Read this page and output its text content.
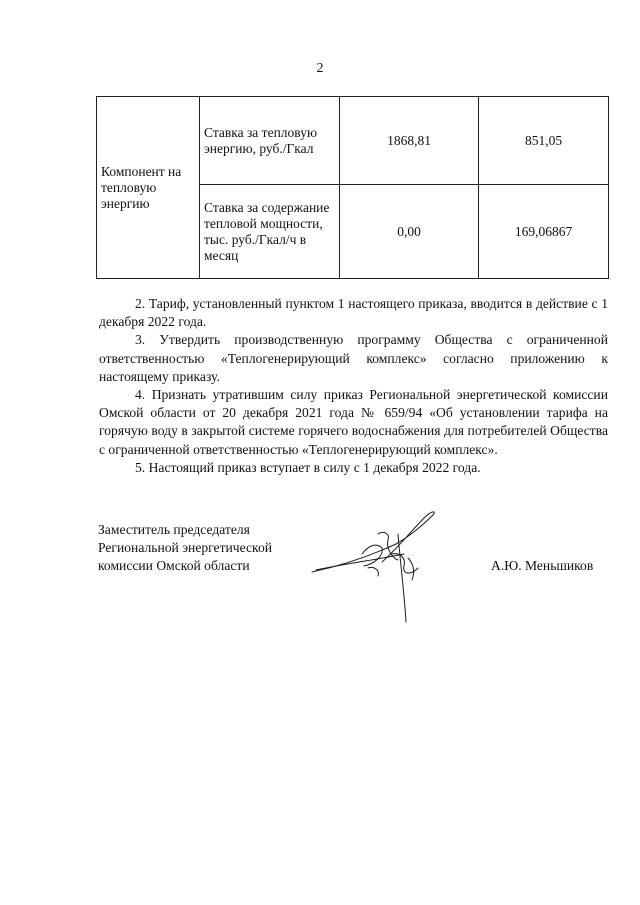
2
Компонент на тепловую энергию	Ставка за тепловую энергию, руб./Гкал	1868,81	851,05
	Ставка за содержание тепловой мощности, тыс. руб./Гкал/ч в месяц	0,00	169,06867

2. Тариф, установленный пунктом 1 настоящего приказа, вводится в действие с 1 декабря 2022 года.

3. Утвердить производственную программу Общества с ограниченной ответственностью «Теплогенерирующий комплекс» согласно приложению к настоящему приказу.

4. Признать утратившим силу приказ Региональной энергетической комиссии Омской области от 20 декабря 2021 года № 659/94 «Об установлении тарифа на горячую воду в закрытой системе горячего водоснабжения для потребителей Общества с ограниченной ответственностью «Теплогенерирующий комплекс».

5. Настоящий приказ вступает в силу с 1 декабря 2022 года.

Заместитель председателя
Региональной энергетической
комиссии Омской области	А.Ю. Меньшиков
